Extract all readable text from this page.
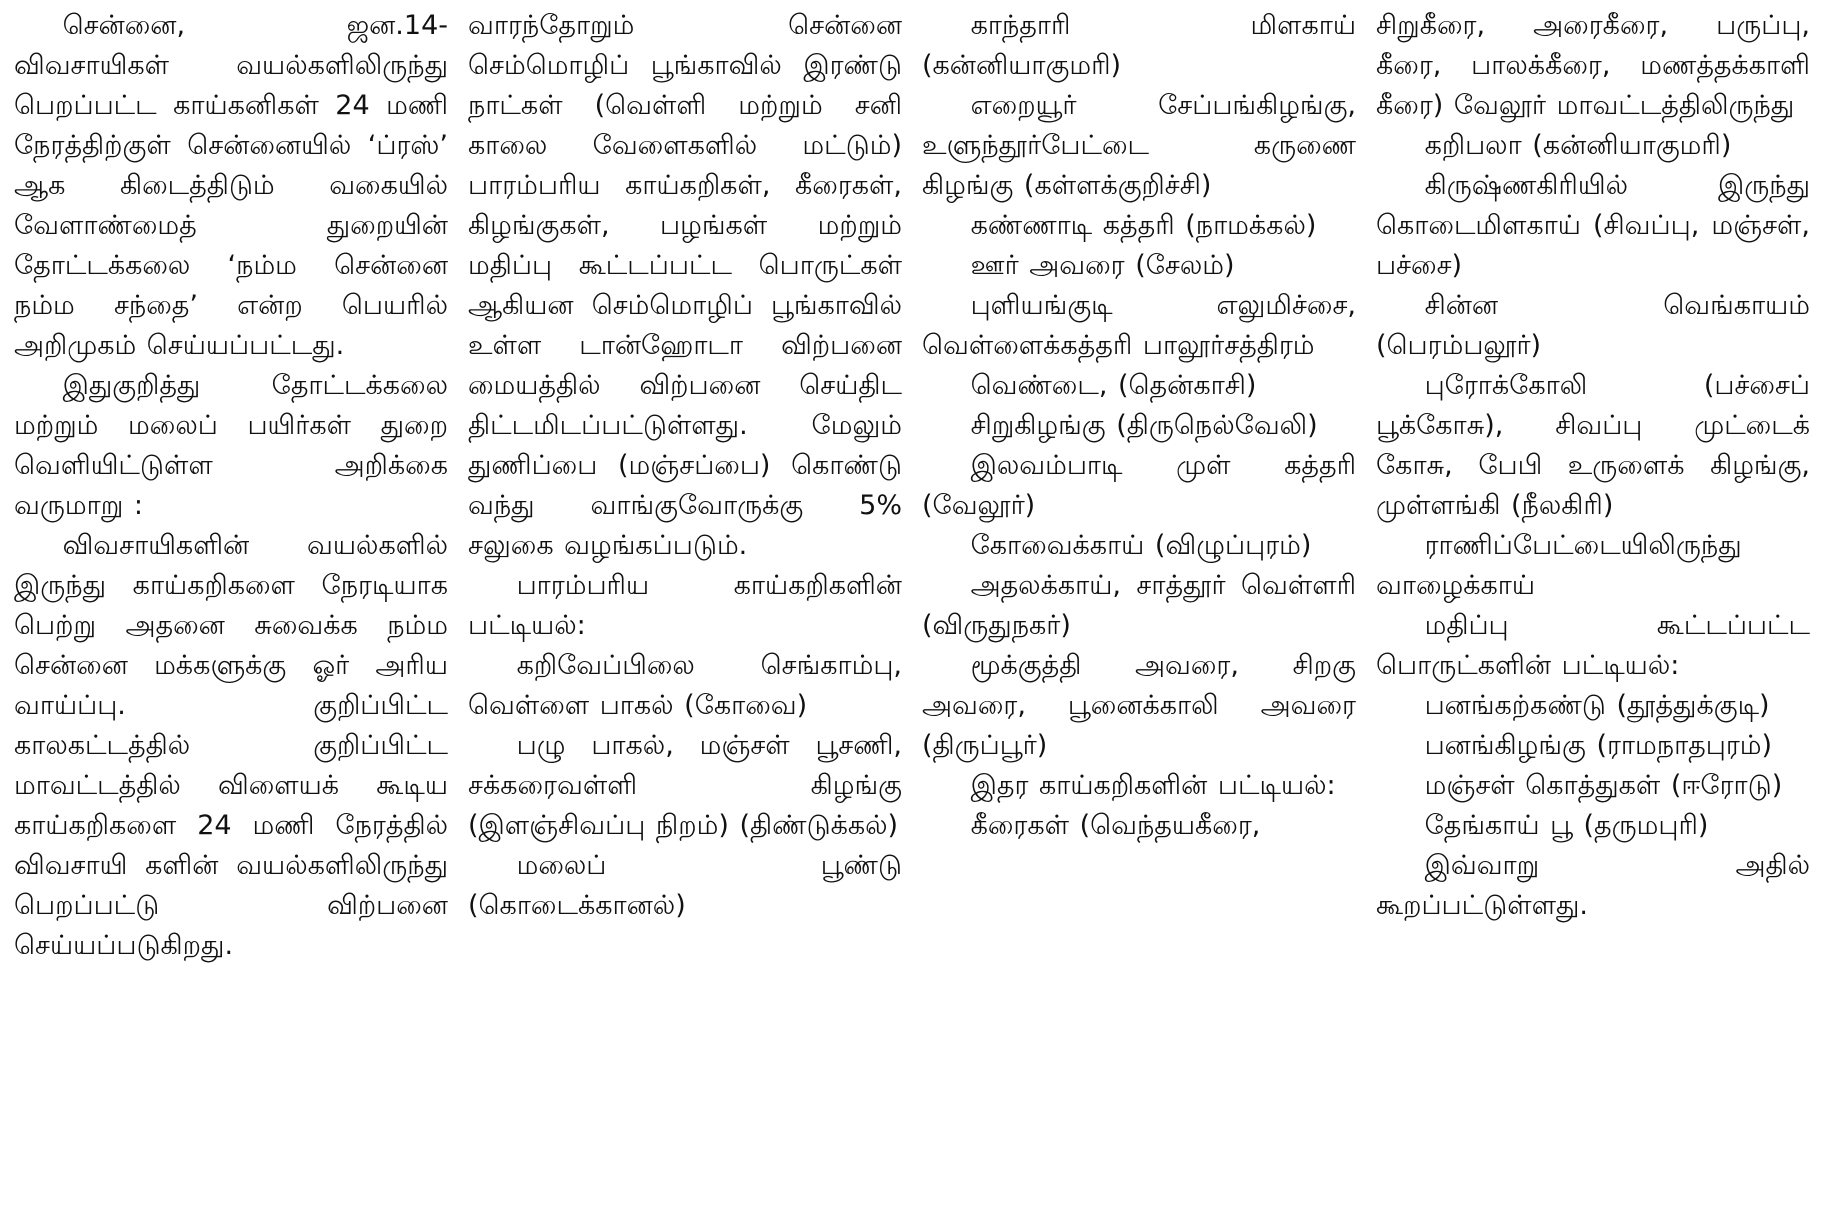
சென்னை, ஜன.14- விவசாயிகள் வயல்களிலிருந்து பெறப்பட்ட காய்கனிகள் 24 மணி நேரத்திற்குள் சென்னையில் ‘ப்ரஸ்’ ஆக கிடைத்திடும் வகையில் வேளாண்மைத் துறையின் தோட்டக்கலை ‘நம்ம சென்னை நம்ம சந்தை’ என்ற பெயரில் அறிமுகம் செய்யப்பட்டது.

இதுகுறித்து தோட்டக்கலை மற்றும் மலைப் பயிர்கள் துறை வெளியிட்டுள்ள அறிக்கை வருமாறு :

விவசாயிகளின் வயல்களில் இருந்து காய்கறிகளை நேரடியாக பெற்று அதனை சுவைக்க நம்ம சென்னை மக்களுக்கு ஓர் அரிய வாய்ப்பு. குறிப்பிட்ட காலகட்டத்தில் குறிப்பிட்ட மாவட்டத்தில் விளையக் கூடிய காய்கறிகளை 24 மணி நேரத்தில் விவசாயி களின் வயல்களிலிருந்து பெறப்பட்டு விற்பனை செய்யப்படுகிறது.

வாரந்தோறும் சென்னை செம்மொழிப் பூங்காவில் இரண்டு நாட்கள் (வெள்ளி மற்றும் சனி காலை வேளைகளில் மட்டும்) பாரம்பரிய காய்கறிகள், கீரைகள், கிழங்குகள், பழங்கள் மற்றும் மதிப்பு கூட்டப்பட்ட பொருட்கள் ஆகியன செம்மொழிப் பூங்காவில் உள்ள டான்ஹோடா விற்பனை மையத்தில் விற்பனை செய்திட திட்டமிடப்பட்டுள்ளது. மேலும் துணிப்பை (மஞ்சப்பை) கொண்டு வந்து வாங்குவோருக்கு 5% சலுகை வழங்கப்படும்.

பாரம்பரிய காய்கறிகளின் பட்டியல்:

கறிவேப்பிலை செங்காம்பு, வெள்ளை பாகல் (கோவை)

பழு பாகல், மஞ்சள் பூசணி, சக்கரைவள்ளி கிழங்கு (இளஞ்சிவப்பு நிறம்) (திண்டுக்கல்)

மலைப் பூண்டு (கொடைக்கானல்)

காந்தாரி மிளகாய் (கன்னியாகுமரி)

எறையூர் சேப்பங்கிழங்கு, உளுந்தூர்பேட்டை கருணை கிழங்கு (கள்ளக்குறிச்சி)

கண்ணாடி கத்தரி (நாமக்கல்)

ஊர் அவரை (சேலம்)

புளியங்குடி எலுமிச்சை, வெள்ளைக்கத்தரி பாலூர்சத்திரம்

வெண்டை, (தென்காசி)

சிறுகிழங்கு (திருநெல்வேலி)

இலவம்பாடி முள் கத்தரி (வேலூர்)

கோவைக்காய் (விழுப்புரம்)

அதலக்காய், சாத்தூர் வெள்ளரி (விருதுநகர்)

மூக்குத்தி அவரை, சிறகு அவரை, பூனைக்காலி அவரை (திருப்பூர்)

இதர காய்கறிகளின் பட்டியல்:

கீரைகள் (வெந்தயகீரை,

சிறுகீரை, அரைகீரை, பருப்பு, கீரை, பாலக்கீரை, மணத்தக்காளி கீரை) வேலூர் மாவட்டத்திலிருந்து

கறிபலா (கன்னியாகுமரி)

கிருஷ்ணகிரியில் இருந்து கொடைமிளகாய் (சிவப்பு, மஞ்சள், பச்சை)

சின்ன வெங்காயம் (பெரம்பலூர்)

புரோக்கோலி (பச்சைப் பூக்கோசு), சிவப்பு முட்டைக் கோசு, பேபி உருளைக் கிழங்கு, முள்ளங்கி (நீலகிரி)

ராணிப்பேட்டையிலிருந்து வாழைக்காய்

மதிப்பு கூட்டப்பட்ட பொருட்களின் பட்டியல்:

பனங்கற்கண்டு (தூத்துக்குடி)

பனங்கிழங்கு (ராமநாதபுரம்)

மஞ்சள் கொத்துகள் (ஈரோடு)

தேங்காய் பூ (தருமபுரி)

இவ்வாறு அதில் கூறப்பட்டுள்ளது.
